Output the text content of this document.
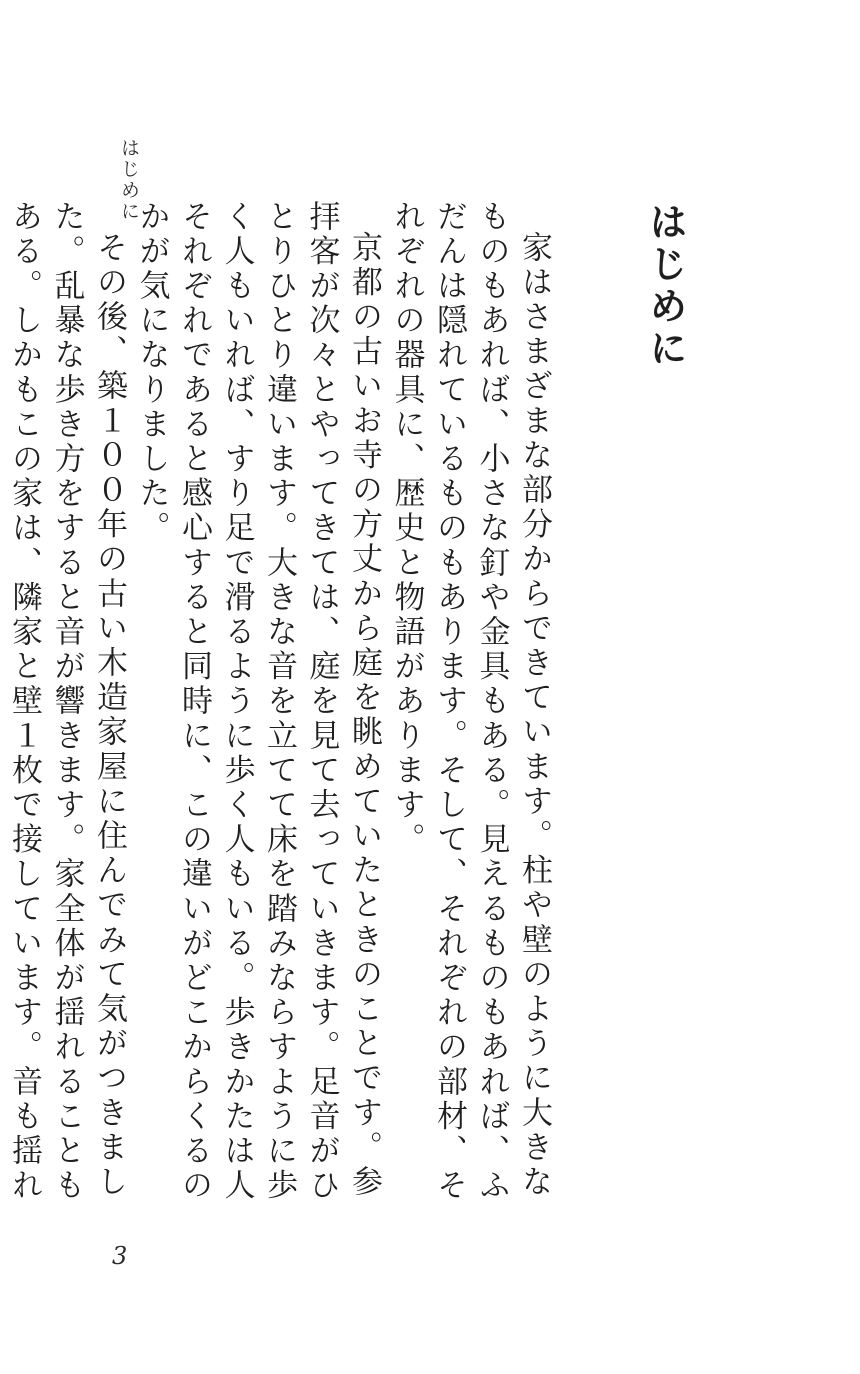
はじめに

家はさまざまな部分からできています。柱や壁のように大きなものもあれば、小さな釘や金具もある。見えるものもあれば、ふだんは隠れているものもあります。そして、それぞれの部材、それぞれの器具に、歴史と物語があります。

京都の古いお寺の方丈から庭を眺めていたときのことです。参拝客が次々とやってきては、庭を見て去っていきます。足音がひとりひとり違います。大きな音を立てて床を踏みならすように歩く人もいれば、すり足で滑るように歩く人もいる。歩きかたは人それぞれであると感心すると同時に、この違いがどこからくるのかが気になりました。

その後、築１００年の古い木造家屋に住んでみて気がつきました。乱暴な歩き方をすると音が響きます。家全体が揺れることもある。しかもこの家は、隣家と壁１枚で接しています。音も揺れ

はじめに
3
